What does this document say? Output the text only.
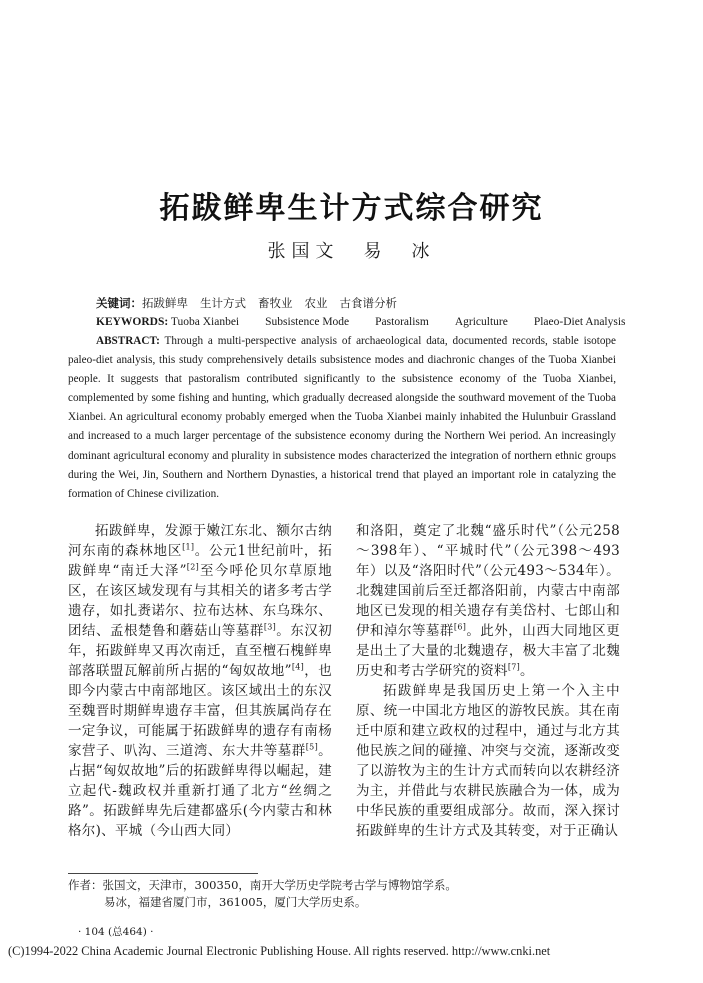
拓跋鲜卑生计方式综合研究
张国文　易　冰
关键词：拓跋鲜卑 生计方式 畜牧业 农业 古食谱分析
KEYWORDS: Tuoba Xianbei Subsistence Mode Pastoralism Agriculture Plaeo-Diet Analysis
ABSTRACT: Through a multi-perspective analysis of archaeological data, documented records, stable isotope paleo-diet analysis, this study comprehensively details subsistence modes and diachronic changes of the Tuoba Xianbei people. It suggests that pastoralism contributed significantly to the subsistence economy of the Tuoba Xianbei, complemented by some fishing and hunting, which gradually decreased alongside the southward movement of the Tuoba Xianbei. An agricultural economy probably emerged when the Tuoba Xianbei mainly inhabited the Hulunbuir Grassland and increased to a much larger percentage of the subsistence economy during the Northern Wei period. An increasingly dominant agricultural economy and plurality in subsistence modes characterized the integration of northern ethnic groups during the Wei, Jin, Southern and Northern Dynasties, a historical trend that played an important role in catalyzing the formation of Chinese civilization.

拓跋鲜卑，发源于嫩江东北、额尔古纳河东南的森林地区[1]。公元1世纪前叶，拓跋鲜卑“南迁大泽”[2]至今呼伦贝尔草原地区，在该区域发现有与其相关的诸多考古学遗存，如扎赉诺尔、拉布达林、东乌珠尔、团结、孟根楚鲁和蘑菇山等墓群[3]。东汉初年，拓跋鲜卑又再次南迁，直至檀石槐鲜卑部落联盟瓦解前所占据的“匈奴故地”[4]，也即今内蒙古中南部地区。该区域出土的东汉至魏晋时期鲜卑遗存丰富，但其族属尚存在一定争议，可能属于拓跋鲜卑的遗存有南杨家营子、叭沟、三道湾、东大井等墓群[5]。占据“匈奴故地”后的拓跋鲜卑得以崛起，建立起代-魏政权并重新打通了北方“丝绸之路”。拓跋鲜卑先后建都盛乐(今内蒙古和林格尔)、平城（今山西大同）

和洛阳，奠定了北魏“盛乐时代”（公元258～398年）、“平城时代”（公元398～493年）以及“洛阳时代”（公元493～534年）。北魏建国前后至迁都洛阳前，内蒙古中南部地区已发现的相关遗存有美岱村、七郎山和伊和淖尔等墓群[6]。此外，山西大同地区更是出土了大量的北魏遗存，极大丰富了北魏历史和考古学研究的资料[7]。

拓跋鲜卑是我国历史上第一个入主中原、统一中国北方地区的游牧民族。其在南迁中原和建立政权的过程中，通过与北方其他民族之间的碰撞、冲突与交流，逐渐改变了以游牧为主的生计方式而转向以农耕经济为主，并借此与农耕民族融合为一体，成为中华民族的重要组成部分。故而，深入探讨拓跋鲜卑的生计方式及其转变，对于正确认

作者：张国文，天津市，300350，南开大学历史学院考古学与博物馆学系。
易冰，福建省厦门市，361005，厦门大学历史系。
· 104 (总464) ·
(C)1994-2022 China Academic Journal Electronic Publishing House. All rights reserved. http://www.cnki.net
